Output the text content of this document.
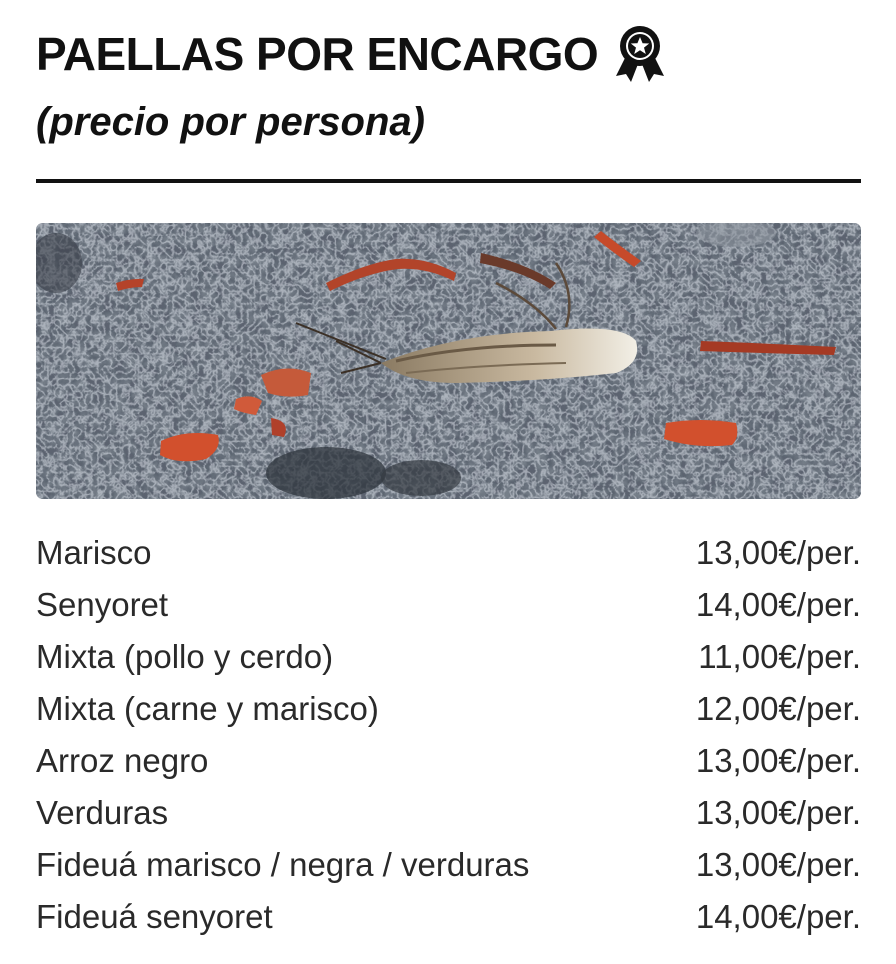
PAELLAS POR ENCARGO
(precio por persona)
Marisco	13,00€/per.
Senyoret	14,00€/per.
Mixta (pollo y cerdo)	11,00€/per.
Mixta (carne y marisco)	12,00€/per.
Arroz negro	13,00€/per.
Verduras	13,00€/per.
Fideuá marisco / negra / verduras	13,00€/per.
Fideuá senyoret	14,00€/per.
